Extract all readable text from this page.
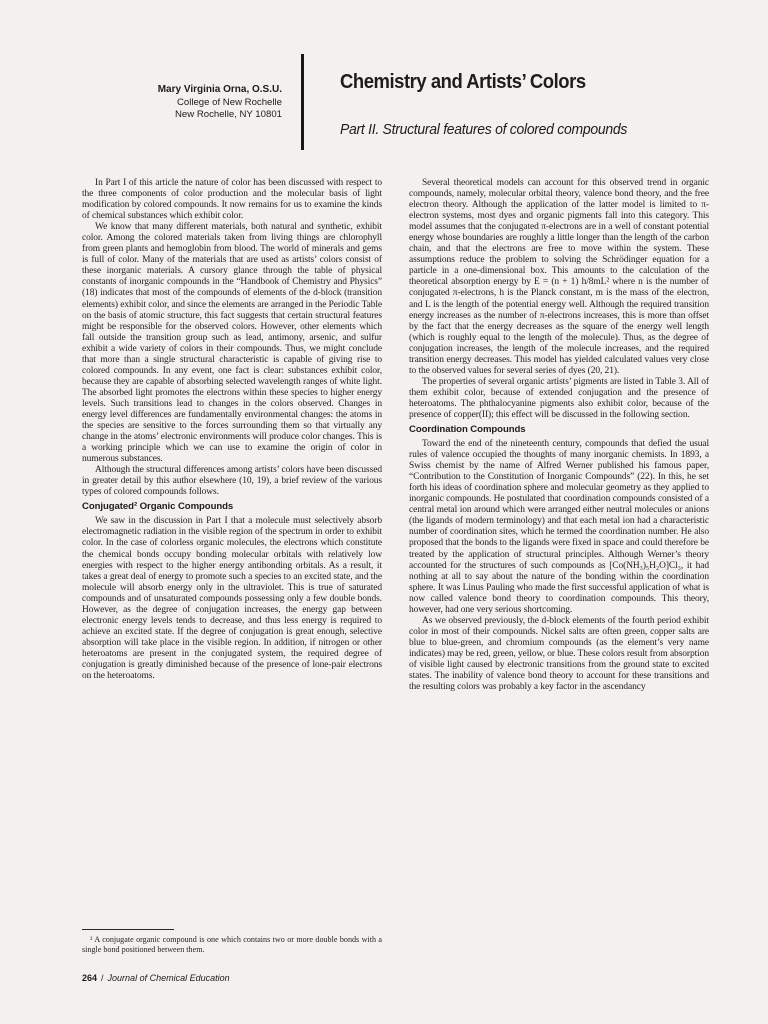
Mary Virginia Orna, O.S.U.
College of New Rochelle
New Rochelle, NY 10801
Chemistry and Artists’ Colors
Part II. Structural features of colored compounds

In Part I of this article the nature of color has been discussed with respect to the three components of color production and the molecular basis of light modification by colored compounds. It now remains for us to examine the kinds of chemical substances which exhibit color.

We know that many different materials, both natural and synthetic, exhibit color. Among the colored materials taken from living things are chlorophyll from green plants and hemoglobin from blood. The world of minerals and gems is full of color. Many of the materials that are used as artists’ colors consist of these inorganic materials. A cursory glance through the table of physical constants of inorganic compounds in the “Handbook of Chemistry and Physics” (18) indicates that most of the compounds of elements of the d-block (transition elements) exhibit color, and since the elements are arranged in the Periodic Table on the basis of atomic structure, this fact suggests that certain structural features might be responsible for the observed colors. However, other elements which fall outside the transition group such as lead, antimony, arsenic, and sulfur exhibit a wide variety of colors in their compounds. Thus, we might conclude that more than a single structural characteristic is capable of giving rise to colored compounds. In any event, one fact is clear: substances exhibit color, because they are capable of absorbing selected wavelength ranges of white light. The absorbed light promotes the electrons within these species to higher energy levels. Such transitions lead to changes in the colors observed. Changes in energy level differences are fundamentally environmental changes: the atoms in the species are sensitive to the forces surrounding them so that virtually any change in the atoms’ electronic environments will produce color changes. This is a working principle which we can use to examine the origin of color in numerous substances.

Although the structural differences among artists’ colors have been discussed in greater detail by this author elsewhere (10, 19), a brief review of the various types of colored compounds follows.

Conjugated² Organic Compounds

We saw in the discussion in Part I that a molecule must selectively absorb electromagnetic radiation in the visible region of the spectrum in order to exhibit color. In the case of colorless organic molecules, the electrons which constitute the chemical bonds occupy bonding molecular orbitals with relatively low energies with respect to the higher energy antibonding orbitals. As a result, it takes a great deal of energy to promote such a species to an excited state, and the molecule will absorb energy only in the ultraviolet. This is true of saturated compounds and of unsaturated compounds possessing only a few double bonds. However, as the degree of conjugation increases, the energy gap between electronic energy levels tends to decrease, and thus less energy is required to achieve an excited state. If the degree of conjugation is great enough, selective absorption will take place in the visible region. In addition, if nitrogen or other heteroatoms are present in the conjugated system, the required degree of conjugation is greatly diminished because of the presence of lone-pair electrons on the heteroatoms.

Several theoretical models can account for this observed trend in organic compounds, namely, molecular orbital theory, valence bond theory, and the free electron theory. Although the application of the latter model is limited to π-electron systems, most dyes and organic pigments fall into this category. This model assumes that the conjugated π-electrons are in a well of constant potential energy whose boundaries are roughly a little longer than the length of the carbon chain, and that the electrons are free to move within the system. These assumptions reduce the problem to solving the Schrödinger equation for a particle in a one-dimensional box. This amounts to the calculation of the theoretical absorption energy by E = (n + 1) h/8mL² where n is the number of conjugated π-electrons, h is the Planck constant, m is the mass of the electron, and L is the length of the potential energy well. Although the required transition energy increases as the number of π-electrons increases, this is more than offset by the fact that the energy decreases as the square of the energy well length (which is roughly equal to the length of the molecule). Thus, as the degree of conjugation increases, the length of the molecule increases, and the required transition energy decreases. This model has yielded calculated values very close to the observed values for several series of dyes (20, 21).

The properties of several organic artists’ pigments are listed in Table 3. All of them exhibit color, because of extended conjugation and the presence of heteroatoms. The phthalocyanine pigments also exhibit color, because of the presence of copper(II); this effect will be discussed in the following section.

Coordination Compounds

Toward the end of the nineteenth century, compounds that defied the usual rules of valence occupied the thoughts of many inorganic chemists. In 1893, a Swiss chemist by the name of Alfred Werner published his famous paper, “Contribution to the Constitution of Inorganic Compounds” (22). In this, he set forth his ideas of coordination sphere and molecular geometry as they applied to inorganic compounds. He postulated that coordination compounds consisted of a central metal ion around which were arranged either neutral molecules or anions (the ligands of modern terminology) and that each metal ion had a characteristic number of coordination sites, which he termed the coordination number. He also proposed that the bonds to the ligands were fixed in space and could therefore be treated by the application of structural principles. Although Werner’s theory accounted for the structures of such compounds as [Co(NH₃)₅H₂O]Cl₃, it had nothing at all to say about the nature of the bonding within the coordination sphere. It was Linus Pauling who made the first successful application of what is now called valence bond theory to coordination compounds. This theory, however, had one very serious shortcoming.

As we observed previously, the d-block elements of the fourth period exhibit color in most of their compounds. Nickel salts are often green, copper salts are blue to blue-green, and chromium compounds (as the element’s very name indicates) may be red, green, yellow, or blue. These colors result from absorption of visible light caused by electronic transitions from the ground state to excited states. The inability of valence bond theory to account for these transitions and the resulting colors was probably a key factor in the ascendancy

² A conjugate organic compound is one which contains two or more double bonds with a single bond positioned between them.

264 / Journal of Chemical Education
